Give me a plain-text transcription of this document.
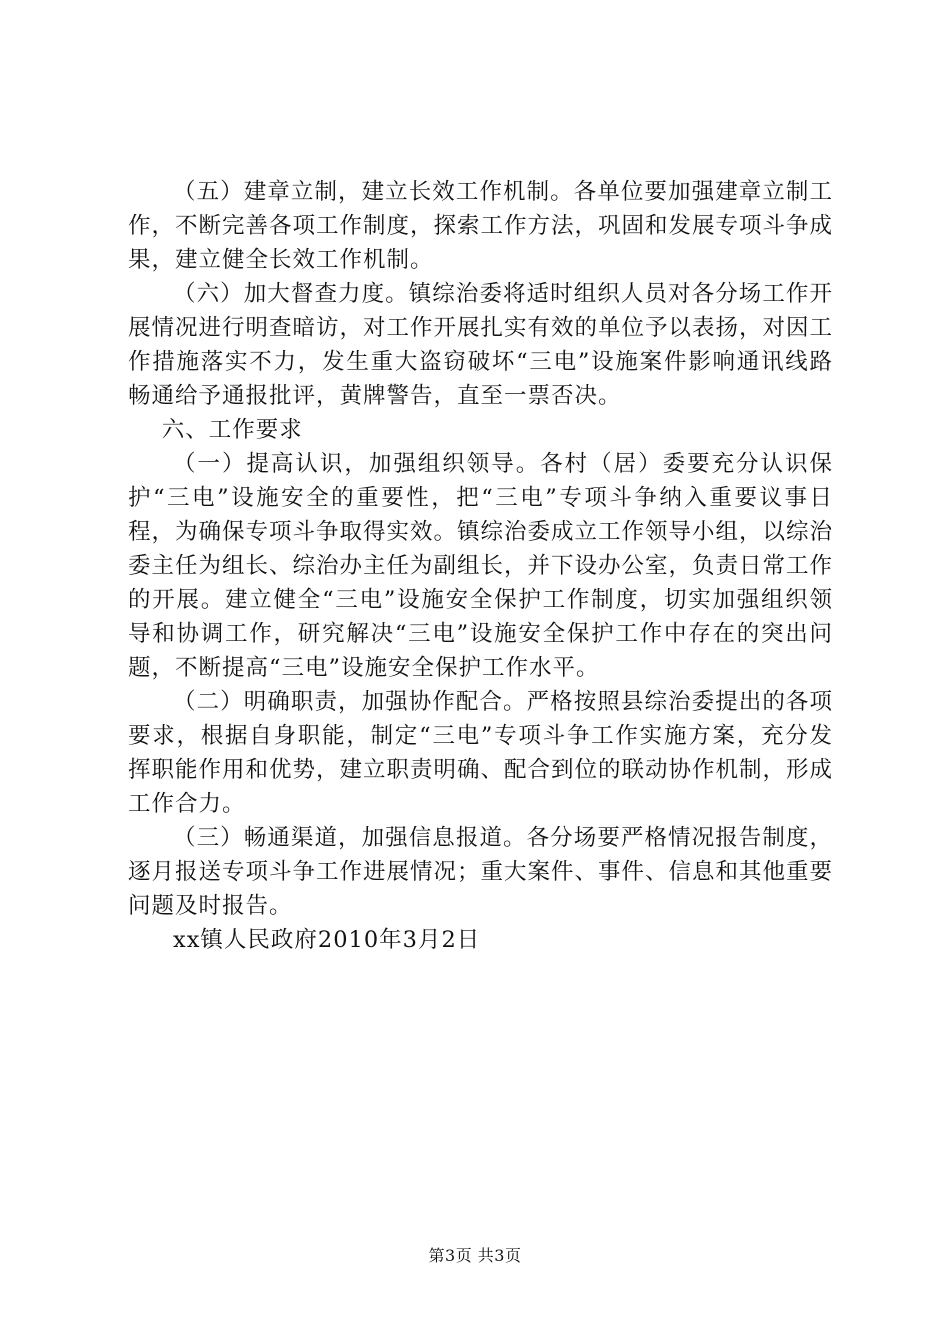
（五）建章立制，建立长效工作机制。各单位要加强建章立制工作，不断完善各项工作制度，探索工作方法，巩固和发展专项斗争成果，建立健全长效工作机制。

（六）加大督查力度。镇综治委将适时组织人员对各分场工作开展情况进行明查暗访，对工作开展扎实有效的单位予以表扬，对因工作措施落实不力，发生重大盗窃破坏“三电”设施案件影响通讯线路畅通给予通报批评，黄牌警告，直至一票否决。

六、工作要求

（一）提高认识，加强组织领导。各村（居）委要充分认识保护“三电”设施安全的重要性，把“三电”专项斗争纳入重要议事日程，为确保专项斗争取得实效。镇综治委成立工作领导小组，以综治委主任为组长、综治办主任为副组长，并下设办公室，负责日常工作的开展。建立健全“三电”设施安全保护工作制度，切实加强组织领导和协调工作，研究解决“三电”设施安全保护工作中存在的突出问题，不断提高“三电”设施安全保护工作水平。

（二）明确职责，加强协作配合。严格按照县综治委提出的各项要求，根据自身职能，制定“三电”专项斗争工作实施方案，充分发挥职能作用和优势，建立职责明确、配合到位的联动协作机制，形成工作合力。

（三）畅通渠道，加强信息报道。各分场要严格情况报告制度，逐月报送专项斗争工作进展情况；重大案件、事件、信息和其他重要问题及时报告。

xx镇人民政府2010年3月2日

第3页 共3页
